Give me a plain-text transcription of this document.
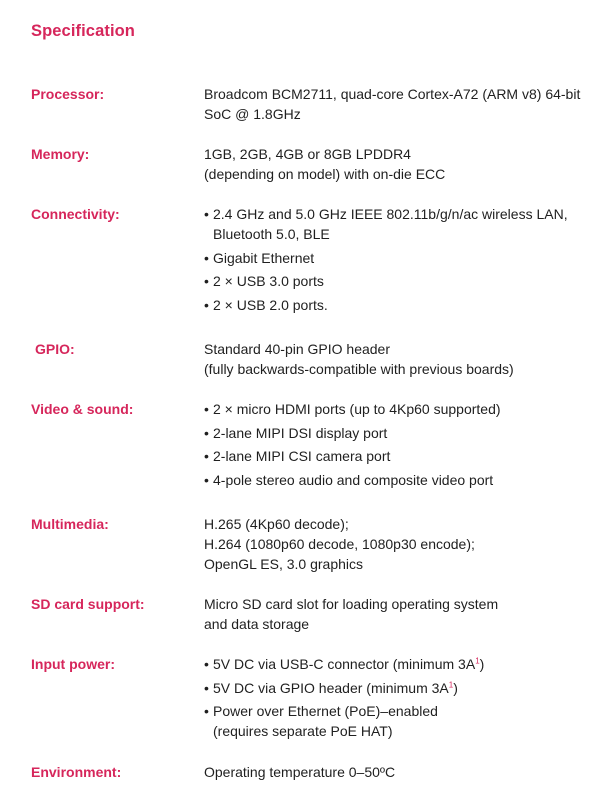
Specification
Processor:	Broadcom BCM2711, quad-core Cortex-A72 (ARM v8) 64-bit
SoC @ 1.8GHz
Memory:	1GB, 2GB, 4GB or 8GB LPDDR4
(depending on model) with on-die ECC
Connectivity:	• 2.4 GHz and 5.0 GHz IEEE 802.11b/g/n/ac wireless LAN,
Bluetooth 5.0, BLE
• Gigabit Ethernet
• 2 × USB 3.0 ports
• 2 × USB 2.0 ports.
GPIO:	Standard 40-pin GPIO header
(fully backwards-compatible with previous boards)
Video & sound:	• 2 × micro HDMI ports (up to 4Kp60 supported)
• 2-lane MIPI DSI display port
• 2-lane MIPI CSI camera port
• 4-pole stereo audio and composite video port
Multimedia:	H.265 (4Kp60 decode);
H.264 (1080p60 decode, 1080p30 encode);
OpenGL ES, 3.0 graphics
SD card support:	Micro SD card slot for loading operating system
and data storage
Input power:	• 5V DC via USB-C connector (minimum $3A^1$)
• 5V DC via GPIO header (minimum $3A^1$)
• Power over Ethernet (PoE)–enabled
(requires separate PoE HAT)
Environment:	Operating temperature 0–50ºC
